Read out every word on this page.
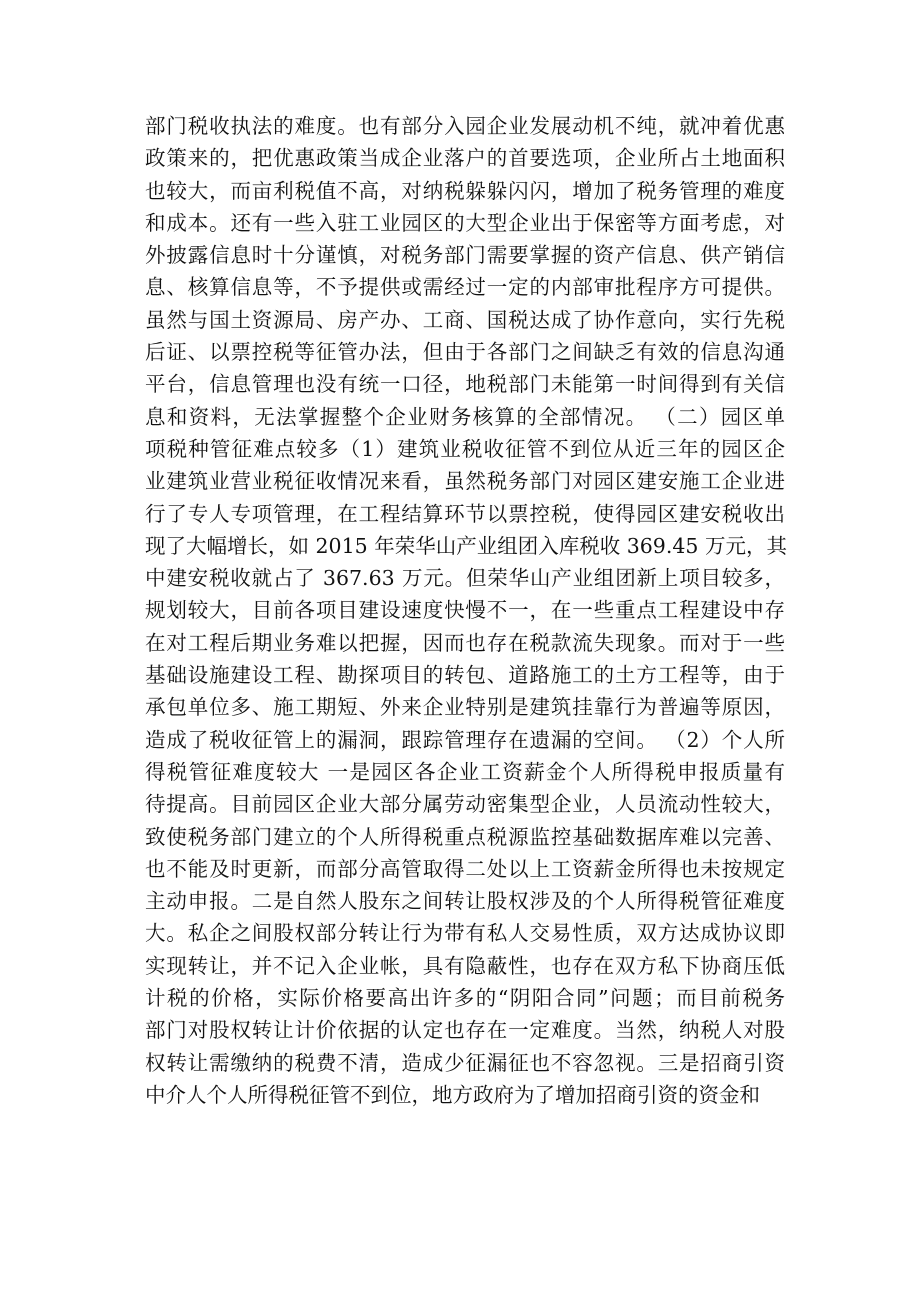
部门税收执法的难度。也有部分入园企业发展动机不纯，就冲着优惠
政策来的，把优惠政策当成企业落户的首要选项，企业所占土地面积
也较大，而亩利税值不高，对纳税躲躲闪闪，增加了税务管理的难度
和成本。还有一些入驻工业园区的大型企业出于保密等方面考虑，对
外披露信息时十分谨慎，对税务部门需要掌握的资产信息、供产销信
息、核算信息等，不予提供或需经过一定的内部审批程序方可提供。
虽然与国土资源局、房产办、工商、国税达成了协作意向，实行先税
后证、以票控税等征管办法，但由于各部门之间缺乏有效的信息沟通
平台，信息管理也没有统一口径，地税部门未能第一时间得到有关信
息和资料，无法掌握整个企业财务核算的全部情况。 （二）园区单
项税种管征难点较多（1）建筑业税收征管不到位从近三年的园区企
业建筑业营业税征收情况来看，虽然税务部门对园区建安施工企业进
行了专人专项管理，在工程结算环节以票控税，使得园区建安税收出
现了大幅增长，如 2015 年荣华山产业组团入库税收 369.45 万元，其
中建安税收就占了 367.63 万元。但荣华山产业组团新上项目较多，
规划较大，目前各项目建设速度快慢不一，在一些重点工程建设中存
在对工程后期业务难以把握，因而也存在税款流失现象。而对于一些
基础设施建设工程、勘探项目的转包、道路施工的土方工程等，由于
承包单位多、施工期短、外来企业特别是建筑挂靠行为普遍等原因，
造成了税收征管上的漏洞，跟踪管理存在遗漏的空间。 （2）个人所
得税管征难度较大 一是园区各企业工资薪金个人所得税申报质量有
待提高。目前园区企业大部分属劳动密集型企业，人员流动性较大，
致使税务部门建立的个人所得税重点税源监控基础数据库难以完善、
也不能及时更新，而部分高管取得二处以上工资薪金所得也未按规定
主动申报。二是自然人股东之间转让股权涉及的个人所得税管征难度
大。私企之间股权部分转让行为带有私人交易性质，双方达成协议即
实现转让，并不记入企业帐，具有隐蔽性，也存在双方私下协商压低
计税的价格，实际价格要高出许多的“阴阳合同”问题；而目前税务
部门对股权转让计价依据的认定也存在一定难度。当然，纳税人对股
权转让需缴纳的税费不清，造成少征漏征也不容忽视。三是招商引资
中介人个人所得税征管不到位，地方政府为了增加招商引资的资金和
